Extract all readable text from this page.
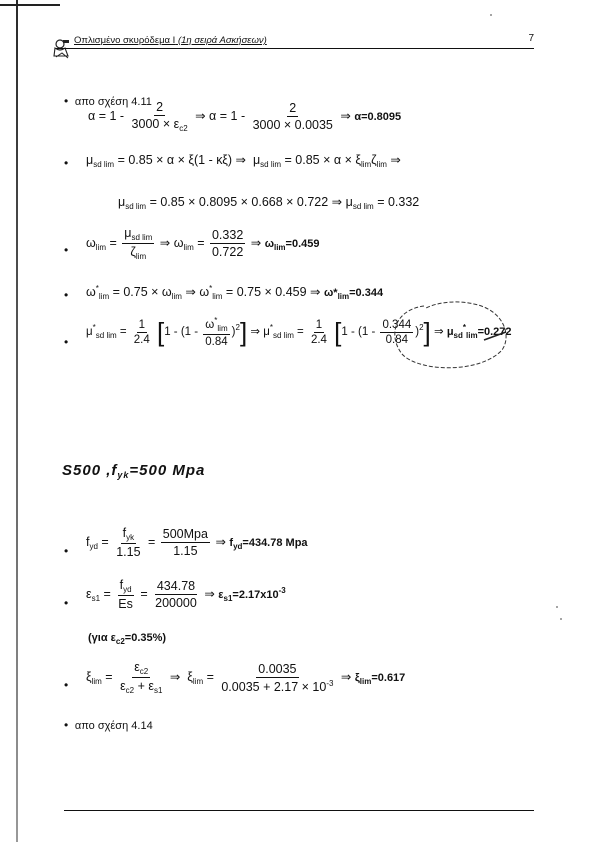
Οπλισμένο σκυρόδεμα I (1η σειρά Ασκήσεων)	7
•  απο σχέση 4.11
$\alpha = 1 - \frac{2}{3000 \times \varepsilon_{c2}}$ ⇒ $\alpha = 1 - \frac{2}{3000 \times 0.0035}$ ⇒ α=0.8095
• $\mu_{sd lim} = 0.85 \times \alpha \times \xi(1 - \kappa\xi)$ ⇒  $\mu_{sd lim} = 0.85 \times \alpha \times \xi_{lim}\zeta_{lim}$ ⇒
$\mu_{sd lim} = 0.85 \times 0.8095 \times 0.668 \times 0.722$ ⇒ $\mu_{sd lim} = 0.332$
•
$\omega_{lim} = \frac{\mu_{sd lim}}{\zeta_{lim}}$ ⇒ $\omega_{lim} = \frac{0.332}{0.722}$ ⇒ $\omega_{lim}=0.459$
• $\omega^*_{lim} = 0.75 \times \omega_{lim}$ ⇒ $\omega^*_{lim} = 0.75 \times 0.459$ ⇒ $\omega*_{lim}=0.344$
•
$\mu^*_{sd lim} = \frac{1}{2.4} [1 - (1 - \frac{\omega^*_{lim}}{0.84} )^2]$ ⇒ $\mu^*_{sd lim} = \frac{1}{2.4} [1 - (1 - \frac{0.344}{0.84} )^2]$ ⇒ $\mu_{sd}^*_{lim}=0.272$
S500 $,f_{yk}=500$ Mpa
•
$f_{yd} = \frac{f_{yk}}{1.15} = \frac{\text{500Mpa}}{1.15}$ ⇒ $f_{yd}=434.78$ Mpa
•
$\varepsilon_{s1} = \frac{f_{yd}}{Es} = \frac{434.78}{200000}$ ⇒ $\varepsilon_{s1}=2.17x10^{-3}$
(για $\varepsilon_{c2}=0.35\%$)
•
$\xi_{lim} = \frac{\varepsilon_{c2}}{\varepsilon_{c2} + \varepsilon_{s1}}$ ⇒  $\xi_{lim} = \frac{0.0035}{0.0035 + 2.17 \times 10^{-3}}$ ⇒ $\xi_{lim}=0.617$
•  απο σχέση 4.14
